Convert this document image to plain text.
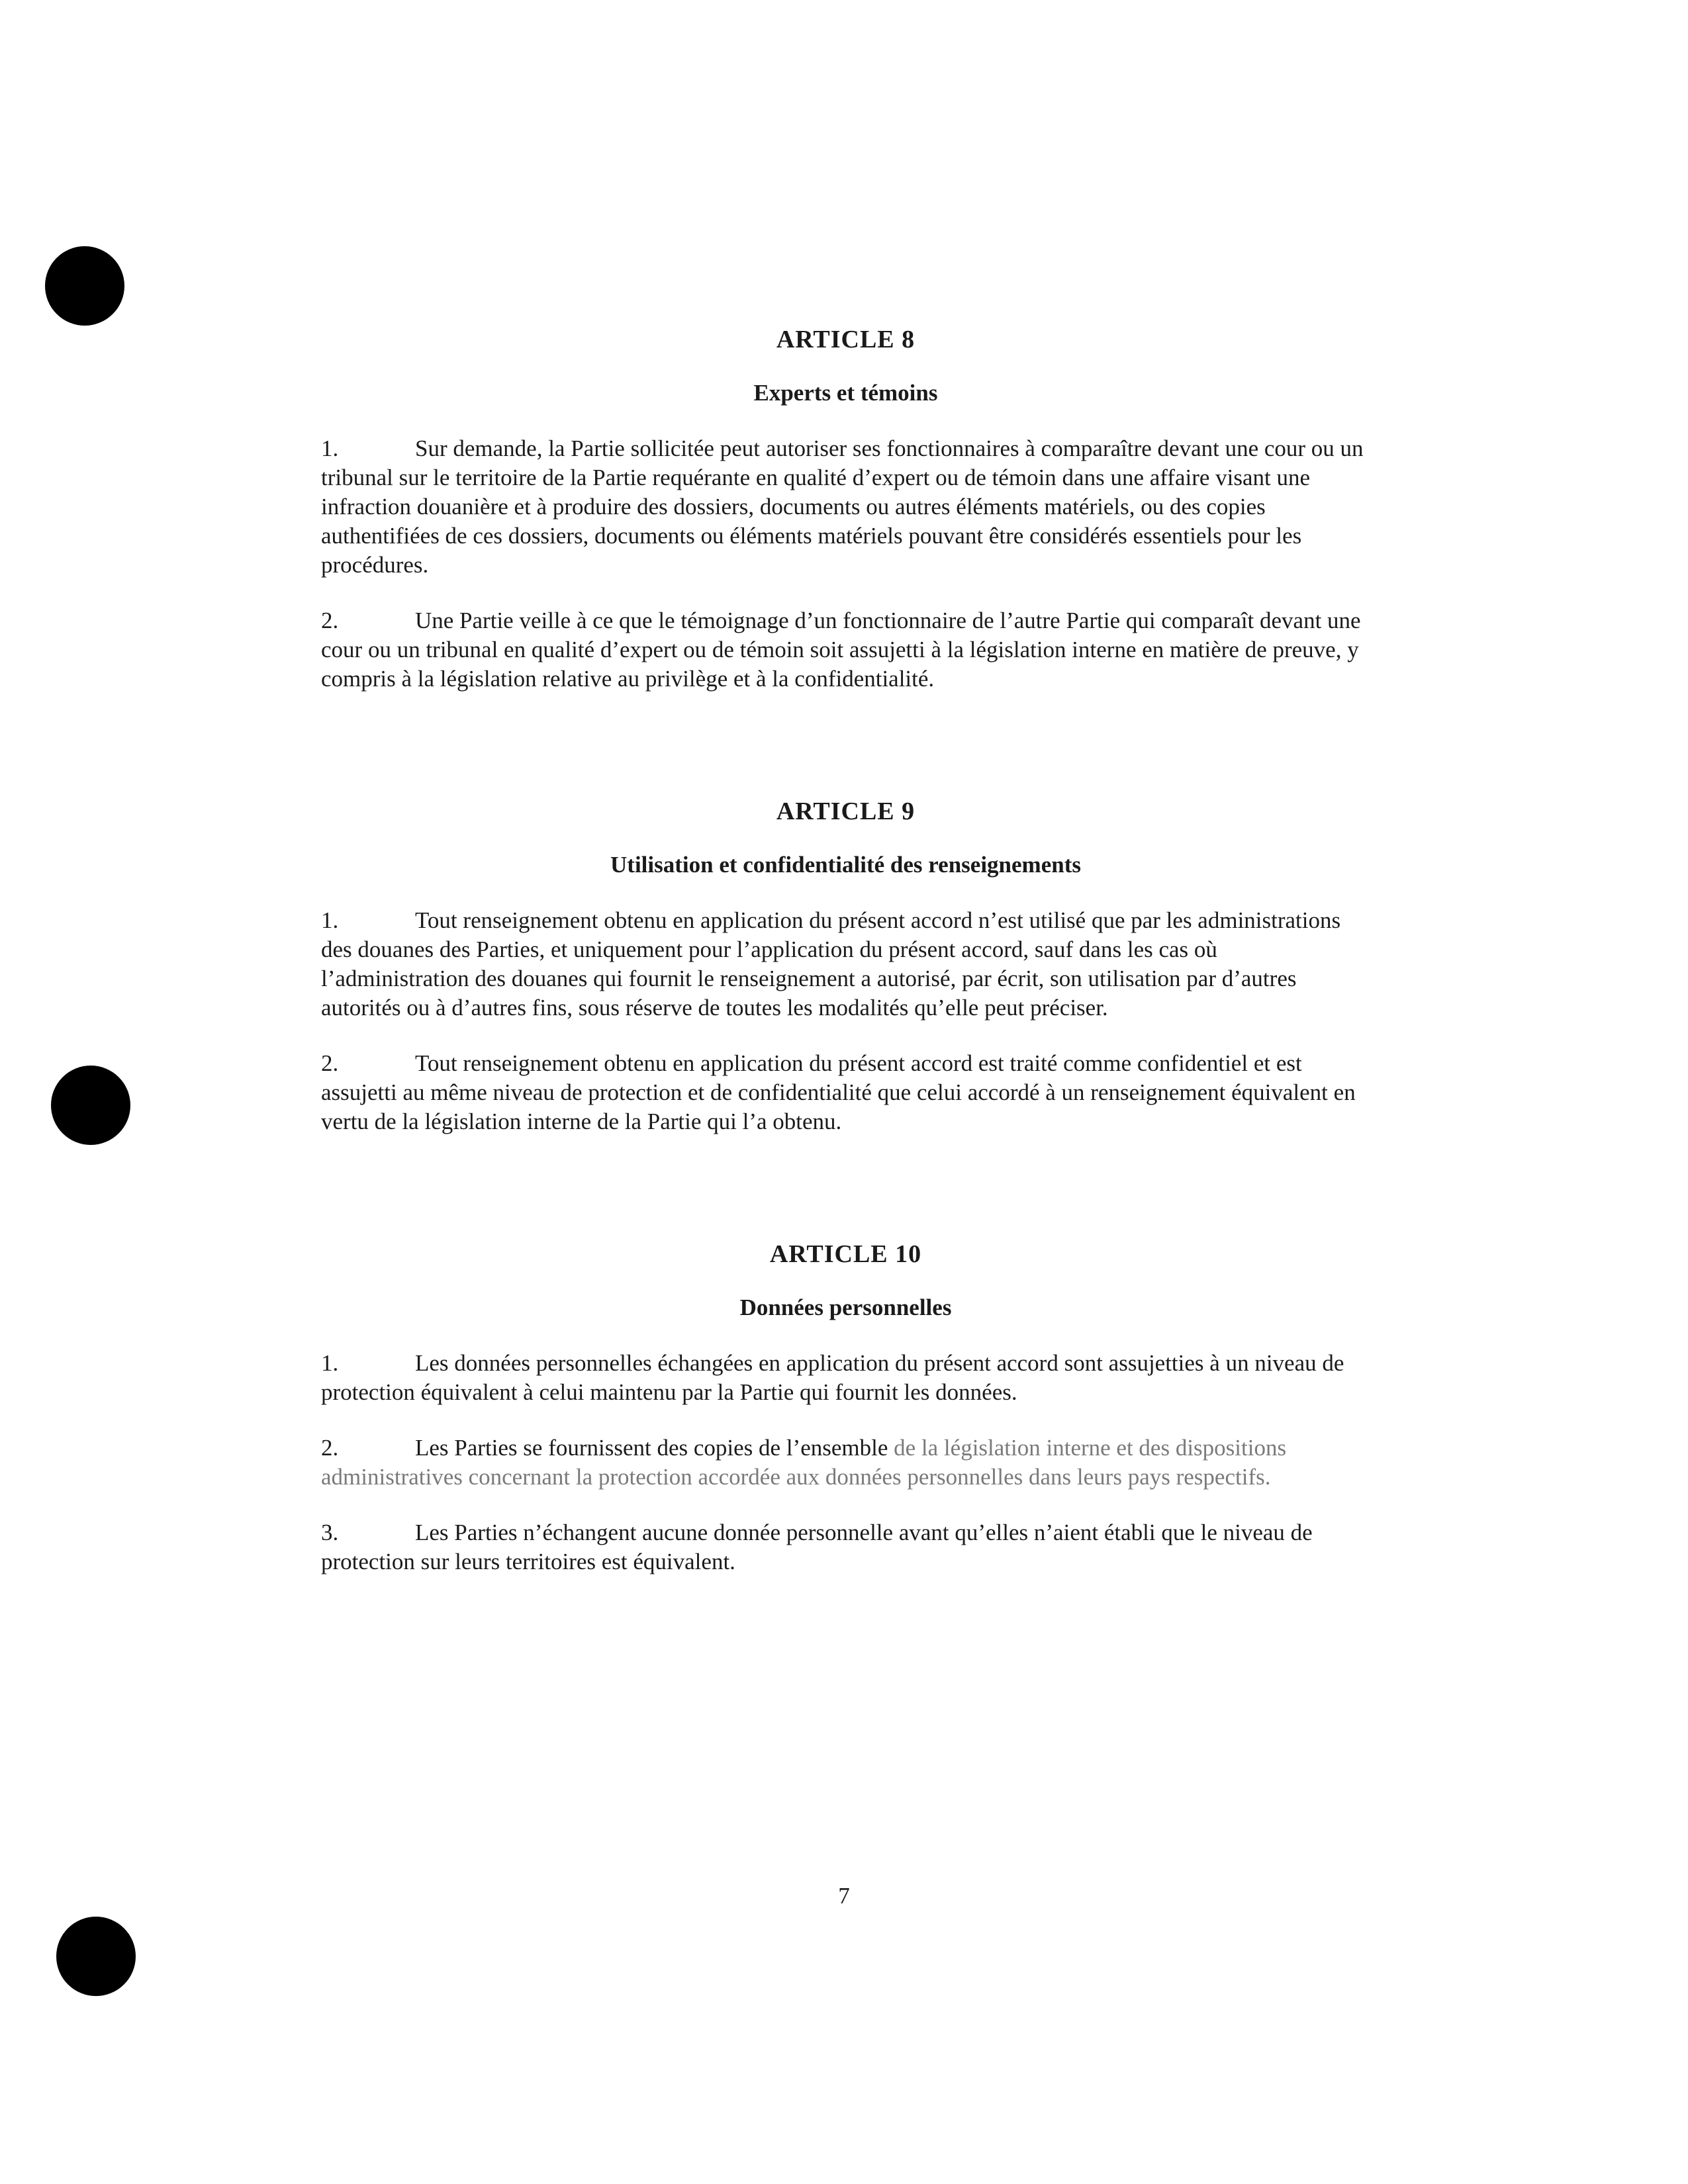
ARTICLE 8
Experts et témoins

1.	Sur demande, la Partie sollicitée peut autoriser ses fonctionnaires à comparaître devant une cour ou un tribunal sur le territoire de la Partie requérante en qualité d’expert ou de témoin dans une affaire visant une infraction douanière et à produire des dossiers, documents ou autres éléments matériels, ou des copies authentifiées de ces dossiers, documents ou éléments matériels pouvant être considérés essentiels pour les procédures.

2.	Une Partie veille à ce que le témoignage d’un fonctionnaire de l’autre Partie qui comparaît devant une cour ou un tribunal en qualité d’expert ou de témoin soit assujetti à la législation interne en matière de preuve, y compris à la législation relative au privilège et à la confidentialité.

ARTICLE 9
Utilisation et confidentialité des renseignements

1.	Tout renseignement obtenu en application du présent accord n’est utilisé que par les administrations des douanes des Parties, et uniquement pour l’application du présent accord, sauf dans les cas où l’administration des douanes qui fournit le renseignement a autorisé, par écrit, son utilisation par d’autres autorités ou à d’autres fins, sous réserve de toutes les modalités qu’elle peut préciser.

2.	Tout renseignement obtenu en application du présent accord est traité comme confidentiel et est assujetti au même niveau de protection et de confidentialité que celui accordé à un renseignement équivalent en vertu de la législation interne de la Partie qui l’a obtenu.

ARTICLE 10
Données personnelles

1.	Les données personnelles échangées en application du présent accord sont assujetties à un niveau de protection équivalent à celui maintenu par la Partie qui fournit les données.

2.	Les Parties se fournissent des copies de l’ensemble de la législation interne et des dispositions administratives concernant la protection accordée aux données personnelles dans leurs pays respectifs.

3.	Les Parties n’échangent aucune donnée personnelle avant qu’elles n’aient établi que le niveau de protection sur leurs territoires est équivalent.

7
